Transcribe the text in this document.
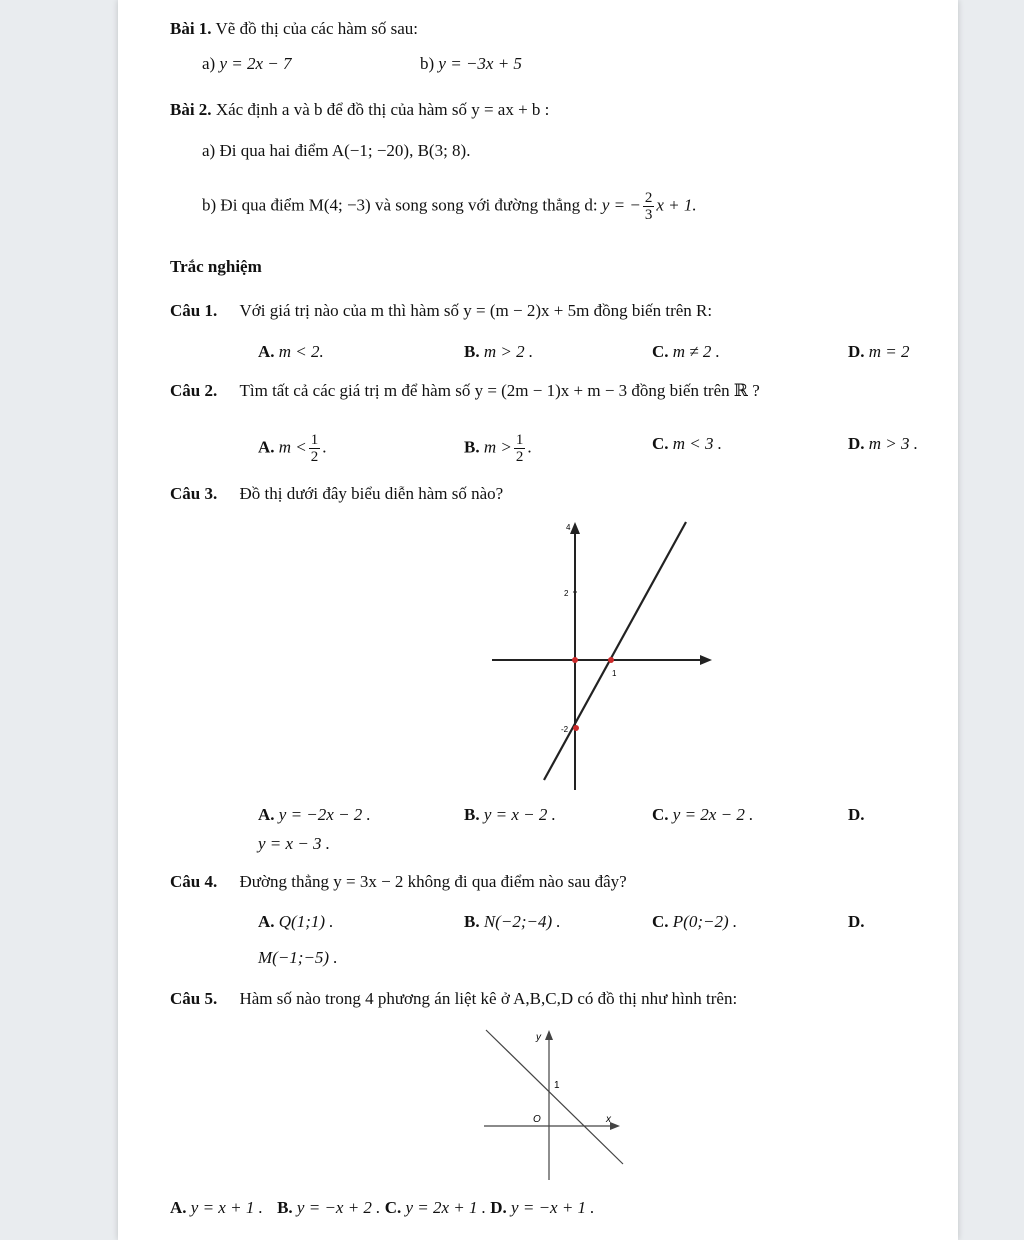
Bài 1. Vẽ đồ thị của các hàm số sau:
a) y = 2x − 7	b) y = −3x + 5
Bài 2. Xác định a và b để đồ thị của hàm số y = ax + b :
a) Đi qua hai điểm A(−1; −20), B(3; 8).
b) Đi qua điểm M(4; −3) và song song với đường thẳng d: y = − $\frac{2}{3}$ x + 1.
Trắc nghiệm
Câu 1. Với giá trị nào của m thì hàm số y = (m − 2)x + 5m đồng biến trên R:
A. m < 2.	B. m > 2 .	C. m ≠ 2 .	D. m = 2
Câu 2. Tìm tất cả các giá trị m để hàm số y = (2m − 1)x + m − 3 đồng biến trên ℝ ?
A. $m < \frac{1}{2}$ .	B. $m > \frac{1}{2}$ .	C. m < 3 .	D. m > 3 .
Câu 3. Đồ thị dưới đây biểu diễn hàm số nào?
4
2
1
-2
A. y = −2x − 2 .	B. y = x − 2 .	C. y = 2x − 2 .	D.
y = x − 3 .
Câu 4. Đường thẳng y = 3x − 2 không đi qua điểm nào sau đây?
A. Q(1;1) .	B. N(−2;−4) .	C. P(0;−2) .	D.
M(−1;−5) .
Câu 5. Hàm số nào trong 4 phương án liệt kê ở A,B,C,D có đồ thị như hình trên:
y
x
O
1
A. y = x + 1 . B. y = −x + 2 . C. y = 2x + 1 . D. y = −x + 1 .
